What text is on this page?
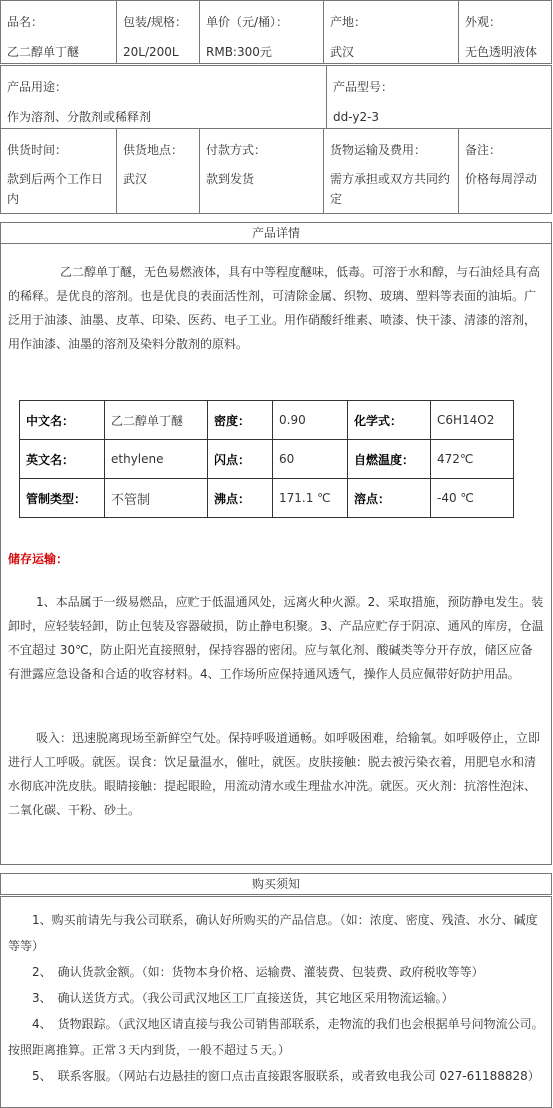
品名：
乙二醇单丁醚

包装/规格：
20L/200L

单价（元/桶）：
RMB:300元

产地：
武汉

外观：
无色透明液体
产品用途：
作为溶剂、分散剂或稀释剂

产品型号：
dd-y2-3
供货时间：
款到后两个工作日内

供货地点：
武汉

付款方式：
款到发货

货物运输及费用：
需方承担或双方共同约定

备注：
价格每周浮动
产品详情

乙二醇单丁醚，无色易燃液体，具有中等程度醚味，低毒。可溶于水和醇，与石油烃具有高的稀释。是优良的溶剂。也是优良的表面活性剂，可清除金属、织物、玻璃、塑料等表面的油垢。广泛用于油漆、油墨、皮革、印染、医药、电子工业。用作硝酸纤维素、喷漆、快干漆、清漆的溶剂，用作油漆、油墨的溶剂及染料分散剂的原料。

中文名：	乙二醇单丁醚	密度：	0.90	化学式：	C6H14O2
英文名：	ethylene	闪点：	60	自燃温度：	472℃
管制类型：	不管制	沸点：	171.1 ℃	溶点：	-40 ℃
储存运输：

1、本品属于一级易燃品，应贮于低温通风处，远离火种火源。2、采取措施，预防静电发生。装卸时，应轻装轻卸，防止包装及容器破损，防止静电积聚。3、产品应贮存于阴凉、通风的库房，仓温不宜超过 30℃，防止阳光直接照射，保持容器的密闭。应与氧化剂、酸碱类等分开存放，储区应备有泄露应急设备和合适的收容材料。4、工作场所应保持通风透气，操作人员应佩带好防护用品。

吸入：迅速脱离现场至新鲜空气处。保持呼吸道通畅。如呼吸困难，给输氧。如呼吸停止，立即进行人工呼吸。就医。误食：饮足量温水，催吐，就医。皮肤接触：脱去被污染衣着，用肥皂水和清水彻底冲洗皮肤。眼睛接触：提起眼睑，用流动清水或生理盐水冲洗。就医。灭火剂：抗溶性泡沫、二氧化碳、干粉、砂土。

购买须知

1、购买前请先与我公司联系，确认好所购买的产品信息。（如：浓度、密度、残渣、水分、碱度等等）

2、　确认货款金额。（如：货物本身价格、运输费、灌装费、包装费、政府税收等等）

3、　确认送货方式。（我公司武汉地区工厂直接送货，其它地区采用物流运输。）

4、　货物跟踪。（武汉地区请直接与我公司销售部联系，走物流的我们也会根据单号问物流公司。按照距离推算。正常３天内到货，一般不超过５天。）

5、　联系客服。（网站右边悬挂的窗口点击直接跟客服联系，或者致电我公司 027-61188828）
